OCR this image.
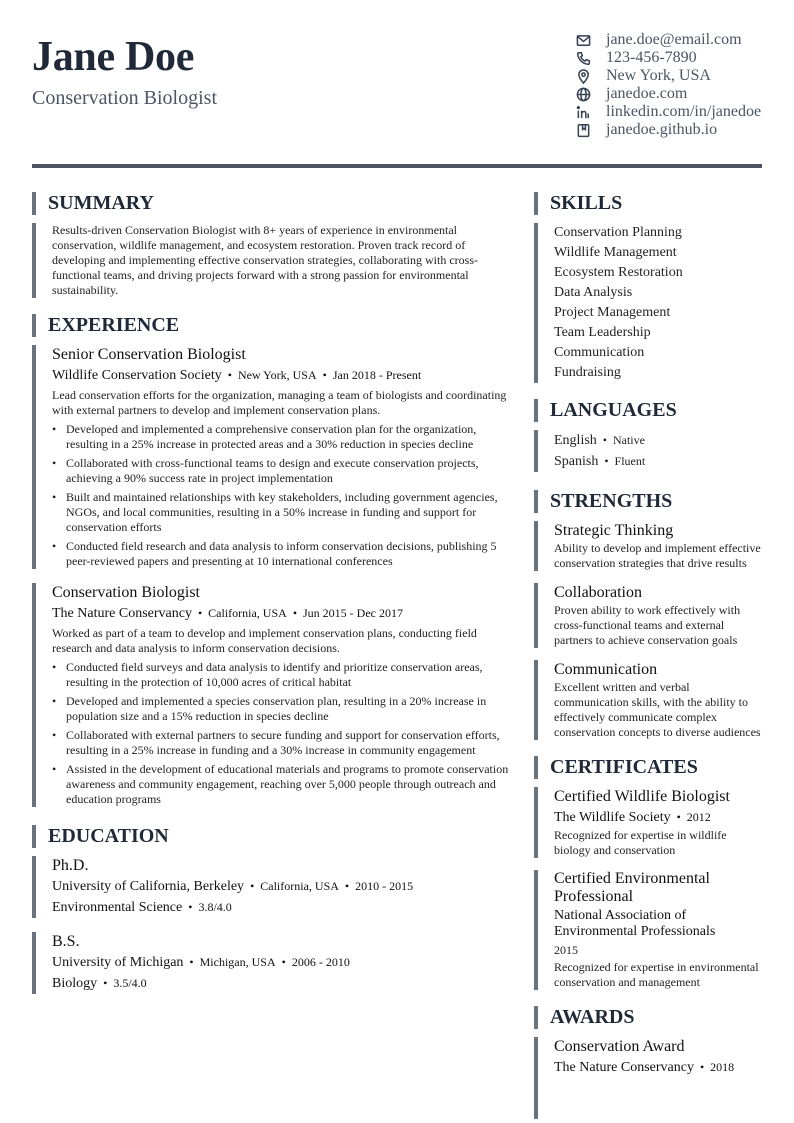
Jane Doe
Conservation Biologist
jane.doe@email.com
123-456-7890
New York, USA
janedoe.com
linkedin.com/in/janedoe
janedoe.github.io
SUMMARY
Results-driven Conservation Biologist with 8+ years of experience in environmental conservation, wildlife management, and ecosystem restoration. Proven track record of developing and implementing effective conservation strategies, collaborating with cross-functional teams, and driving projects forward with a strong passion for environmental sustainability.
EXPERIENCE
Senior Conservation Biologist
Wildlife Conservation Society • New York, USA • Jan 2018 - Present
Lead conservation efforts for the organization, managing a team of biologists and coordinating with external partners to develop and implement conservation plans.
• Developed and implemented a comprehensive conservation plan for the organization, resulting in a 25% increase in protected areas and a 30% reduction in species decline
• Collaborated with cross-functional teams to design and execute conservation projects, achieving a 90% success rate in project implementation
• Built and maintained relationships with key stakeholders, including government agencies, NGOs, and local communities, resulting in a 50% increase in funding and support for conservation efforts
• Conducted field research and data analysis to inform conservation decisions, publishing 5 peer-reviewed papers and presenting at 10 international conferences
Conservation Biologist
The Nature Conservancy • California, USA • Jun 2015 - Dec 2017
Worked as part of a team to develop and implement conservation plans, conducting field research and data analysis to inform conservation decisions.
• Conducted field surveys and data analysis to identify and prioritize conservation areas, resulting in the protection of 10,000 acres of critical habitat
• Developed and implemented a species conservation plan, resulting in a 20% increase in population size and a 15% reduction in species decline
• Collaborated with external partners to secure funding and support for conservation efforts, resulting in a 25% increase in funding and a 30% increase in community engagement
• Assisted in the development of educational materials and programs to promote conservation awareness and community engagement, reaching over 5,000 people through outreach and education programs
EDUCATION
Ph.D.
University of California, Berkeley • California, USA • 2010 - 2015
Environmental Science • 3.8/4.0
B.S.
University of Michigan • Michigan, USA • 2006 - 2010
Biology • 3.5/4.0
SKILLS
Conservation Planning
Wildlife Management
Ecosystem Restoration
Data Analysis
Project Management
Team Leadership
Communication
Fundraising
LANGUAGES
English • Native
Spanish • Fluent
STRENGTHS
Strategic Thinking
Ability to develop and implement effective conservation strategies that drive results
Collaboration
Proven ability to work effectively with cross-functional teams and external partners to achieve conservation goals
Communication
Excellent written and verbal communication skills, with the ability to effectively communicate complex conservation concepts to diverse audiences
CERTIFICATES
Certified Wildlife Biologist
The Wildlife Society • 2012
Recognized for expertise in wildlife biology and conservation
Certified Environmental Professional
National Association of Environmental Professionals
2015
Recognized for expertise in environmental conservation and management
AWARDS
Conservation Award
The Nature Conservancy • 2018
